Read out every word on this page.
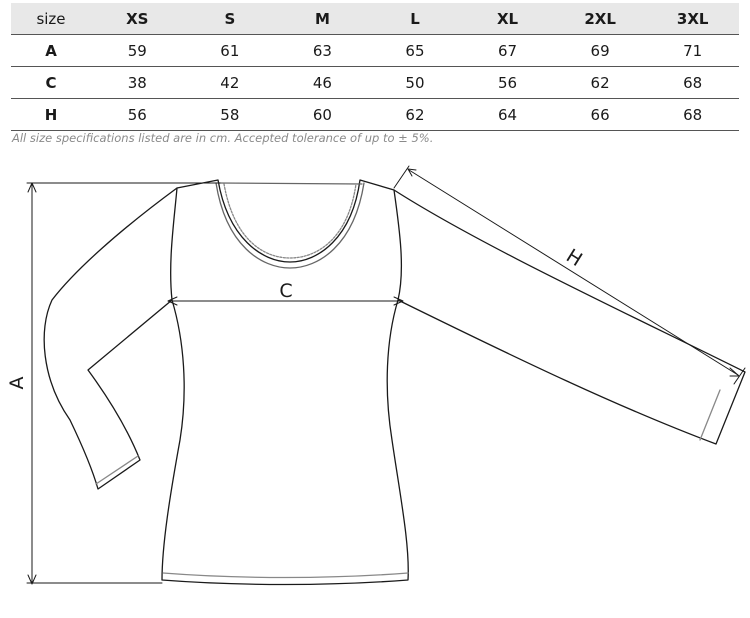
size	XS	S	M	L	XL	2XL	3XL
A	59	61	63	65	67	69	71
C	38	42	46	50	56	62	68
H	56	58	60	62	64	66	68
All size specifications listed are in cm. Accepted tolerance of up to ± 5%.
A
C
H
